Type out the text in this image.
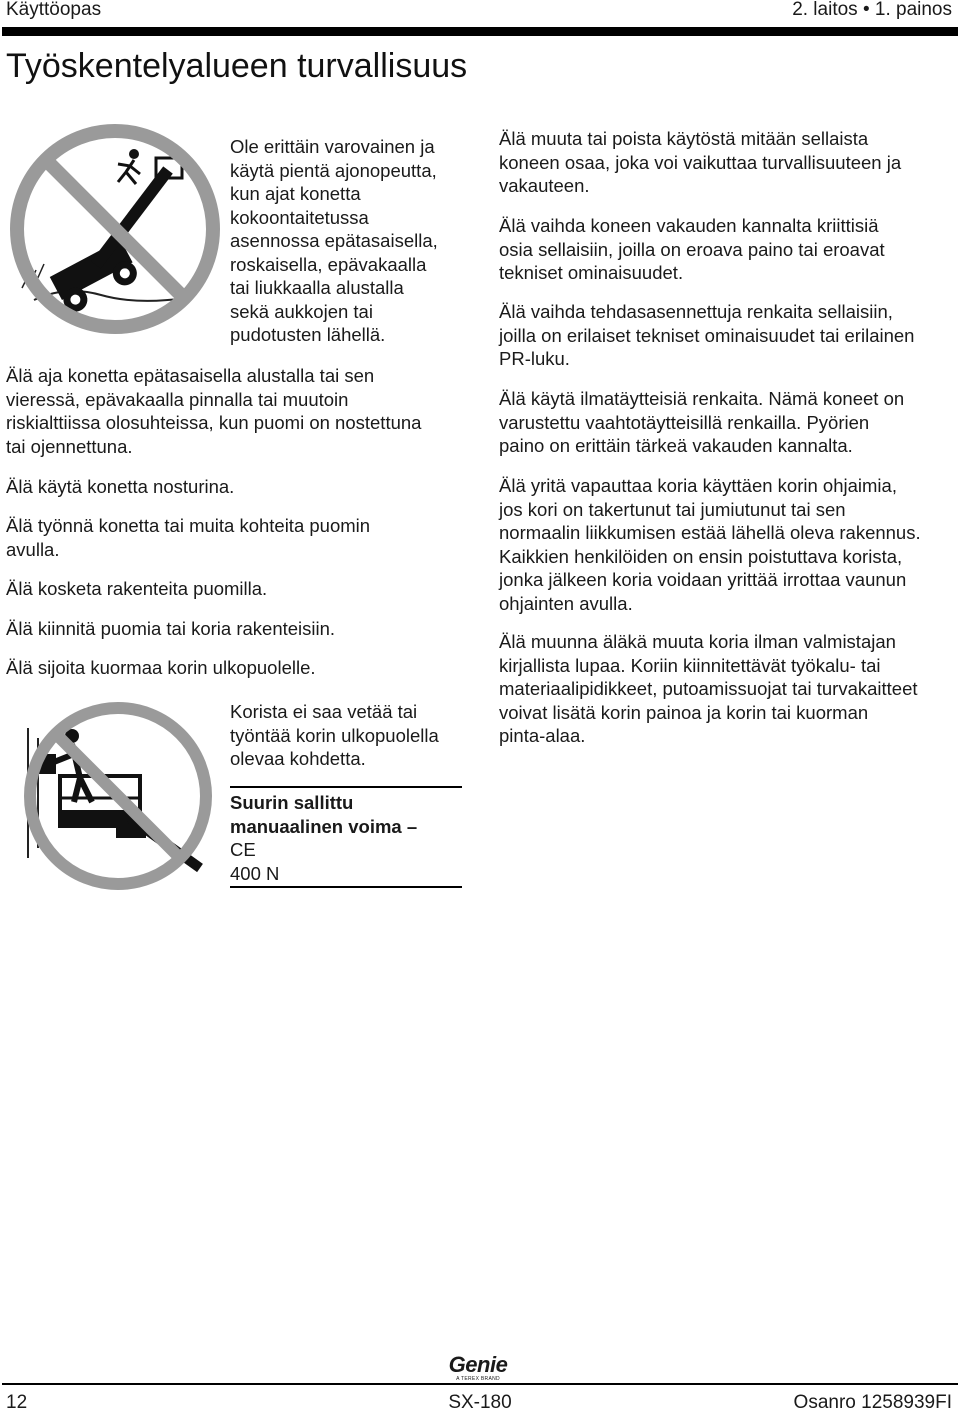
Käyttöopas	2. laitos • 1. painos
Työskentelyalueen turvallisuus

Ole erittäin varovainen ja

käytä pientä ajonopeutta,

kun ajat konetta

kokoontaitetussa

asennossa epätasaisella,

roskaisella, epävakaalla

tai liukkaalla alustalla

sekä aukkojen tai

pudotusten lähellä.

Älä aja konetta epätasaisella alustalla tai sen

vieressä, epävakaalla pinnalla tai muutoin

riskialttiissa olosuhteissa, kun puomi on nostettuna

tai ojennettuna.

Älä käytä konetta nosturina.

Älä työnnä konetta tai muita kohteita puomin

avulla.

Älä kosketa rakenteita puomilla.

Älä kiinnitä puomia tai koria rakenteisiin.

Älä sijoita kuormaa korin ulkopuolelle.

Korista ei saa vetää tai

työntää korin ulkopuolella

olevaa kohdetta.

Suurin sallittu

manuaalinen voima –

CE

400 N

Älä muuta tai poista käytöstä mitään sellaista

koneen osaa, joka voi vaikuttaa turvallisuuteen ja

vakauteen.

Älä vaihda koneen vakauden kannalta kriittisiä

osia sellaisiin, joilla on eroava paino tai eroavat

tekniset ominaisuudet.

Älä vaihda tehdasasennettuja renkaita sellaisiin,

joilla on erilaiset tekniset ominaisuudet tai erilainen

PR-luku.

Älä käytä ilmatäytteisiä renkaita. Nämä koneet on

varustettu vaahtotäytteisillä renkailla. Pyörien

paino on erittäin tärkeä vakauden kannalta.

Älä yritä vapauttaa koria käyttäen korin ohjaimia,

jos kori on takertunut tai jumiutunut tai sen

normaalin liikkumisen estää lähellä oleva rakennus.

Kaikkien henkilöiden on ensin poistuttava korista,

jonka jälkeen koria voidaan yrittää irrottaa vaunun

ohjainten avulla.

Älä muunna äläkä muuta koria ilman valmistajan

kirjallista lupaa. Koriin kiinnitettävät työkalu- tai

materiaalipidikkeet, putoamissuojat tai turvakaitteet

voivat lisätä korin painoa ja korin tai kuorman

pinta-alaa.

Genie
A TEREX BRAND
12	SX-180	Osanro 1258939FI
